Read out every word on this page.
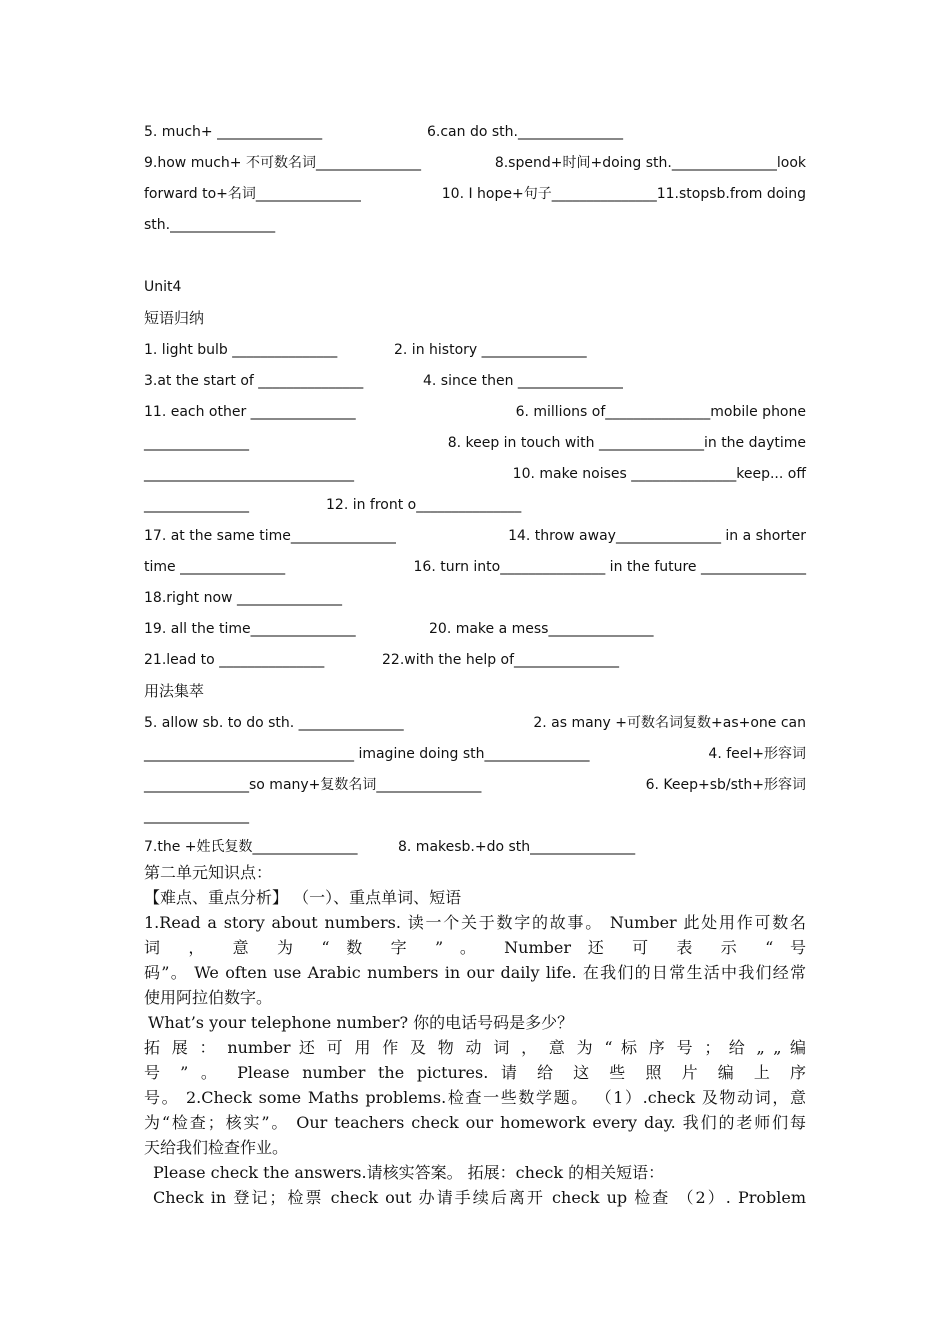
5. much+ _______________	6.can do sth._______________
9.how much+ 不可数名词_______________	8.spend+时间+doing sth._______________look
forward to+名词_______________	10. I hope+句子_______________11.stopsb.from doing
sth._______________
Unit4
短语归纳
1. light bulb _______________	2. in history _______________
3.at the start of _______________	4. since then _______________
11. each other _______________	6. millions of_______________mobile phone
_______________	8. keep in touch with _______________in the daytime
______________________________	10. make noises _______________keep... off
_______________	12. in front o_______________
17. at the same time_______________	14. throw away_______________ in a shorter
time _______________	16. turn into_______________ in the future _______________
18.right now _______________
19. all the time_______________	20. make a mess_______________
21.lead to _______________	22.with the help of_______________
用法集萃
5. allow sb. to do sth. _______________	2. as many +可数名词复数+as+one can
______________________________ imagine doing sth_______________	4. feel+形容词
_______________so many+复数名词_______________	6. Keep+sb/sth+形容词
_______________
7.the +姓氏复数_______________	8. makesb.+do sth_______________
第二单元知识点：
【难点、重点分析】 （一）、重点单词、短语
1.Read a story about numbers. 读一个关于数字的故事。 Number 此处用作可数名
词 ， 意 为 “ 数 字 ” 。 Number 还 可 表 示 “ 号
码”。 We often use Arabic numbers in our daily life. 在我们的日常生活中我们经常
使用阿拉伯数字。
What’s your telephone number? 你的电话号码是多少？
拓 展 ： number 还 可 用 作 及 物 动 词 ， 意 为 “ 标 序 号 ； 给 „ „ 编
号 ” 。 Please number the pictures. 请 给 这 些 照 片 编 上 序
号。 2.Check some Maths problems.检查一些数学题。 （1）.check 及物动词，意
为“检查；核实”。 Our teachers check our homework every day. 我们的老师们每
天给我们检查作业。
Please check the answers.请核实答案。 拓展：check 的相关短语：
Check in 登记；检票 check out 办请手续后离开 check up 检查 （2）. Problem
